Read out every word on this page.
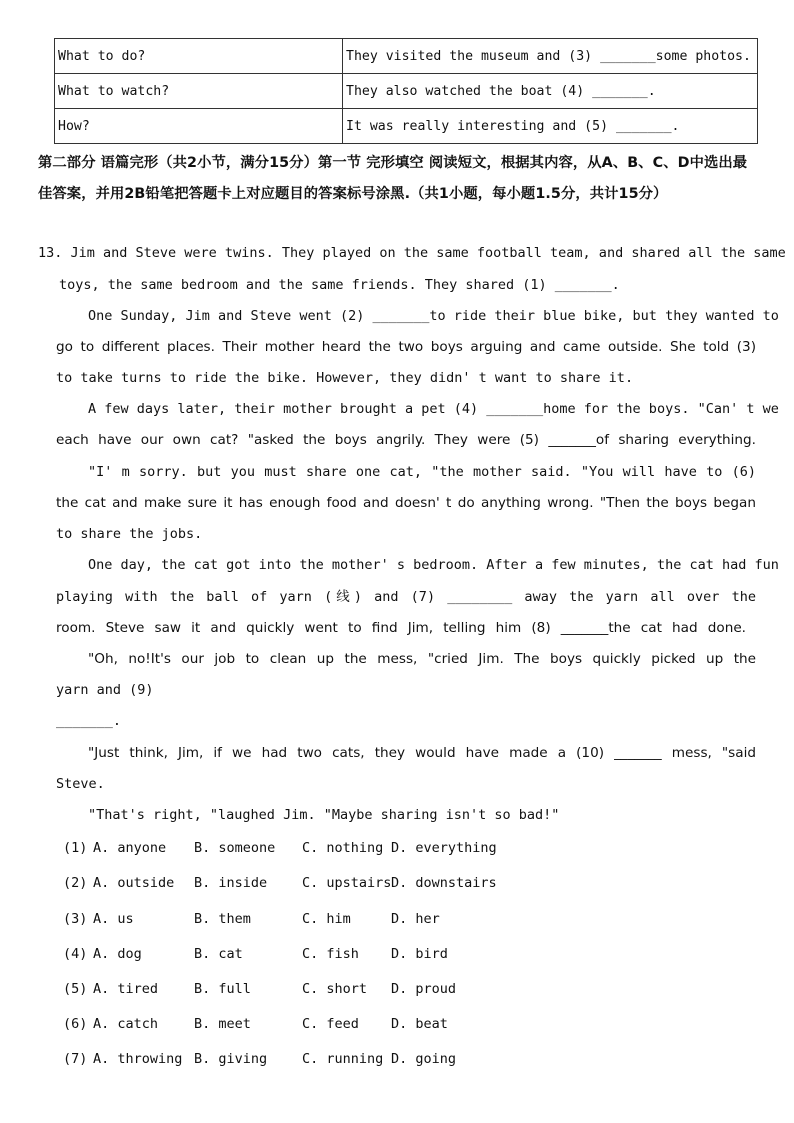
What to do?	They visited the museum and (3) _______some photos.
What to watch?	They also watched the boat (4) _______.
How?	It was really interesting and (5) _______.
第二部分 语篇完形（共2小节，满分15分）第一节 完形填空 阅读短文，根据其内容，从A、B、C、D中选出最佳答案，并用2B铅笔把答题卡上对应题目的答案标号涂黑.（共1小题，每小题1.5分，共计15分）
13. Jim and Steve were twins. They played on the same football team, and shared all the same
toys, the same bedroom and the same friends. They shared (1) _______.
One Sunday, Jim and Steve went (2) _______to ride their blue bike, but they wanted to
go to different places. Their mother heard the two boys arguing and came outside. She told (3)
to take turns to ride the bike. However, they didn' t want to share it.
A few days later, their mother brought a pet (4) _______home for the boys. "Can' t we
each have our own cat? "asked the boys angrily. They were (5) _______of sharing everything.
"I' m sorry. but you must share one cat, "the mother said. "You will have to (6)
the cat and make sure it has enough food and doesn' t do anything wrong. "Then the boys began
to share the jobs.
One day, the cat got into the mother' s bedroom. After a few minutes, the cat had fun
playing with the ball of yarn (线) and (7) ________ away the yarn all over the
room. Steve saw it and quickly went to find Jim, telling him (8) _______the cat had done.
"Oh, no!It's our job to clean up the mess, "cried Jim. The boys quickly picked up the
yarn and (9)
_______.
"Just think, Jim, if we had two cats, they would have made a (10) _______ mess, "said
Steve.
"That's right, "laughed Jim. "Maybe sharing isn't so bad!"
(1) A. anyone B. someone C. nothing D. everything
(2) A. outside B. inside	C. upstairs D. downstairs
(3) A. us	B. them	C. him	D. her
(4) A. dog	B. cat	C. fish D. bird
(5) A. tired	B. full	C. short D. proud
(6) A. catch	B. meet	C. feed D. beat
(7) A. throwing B. giving	C. running D. going
